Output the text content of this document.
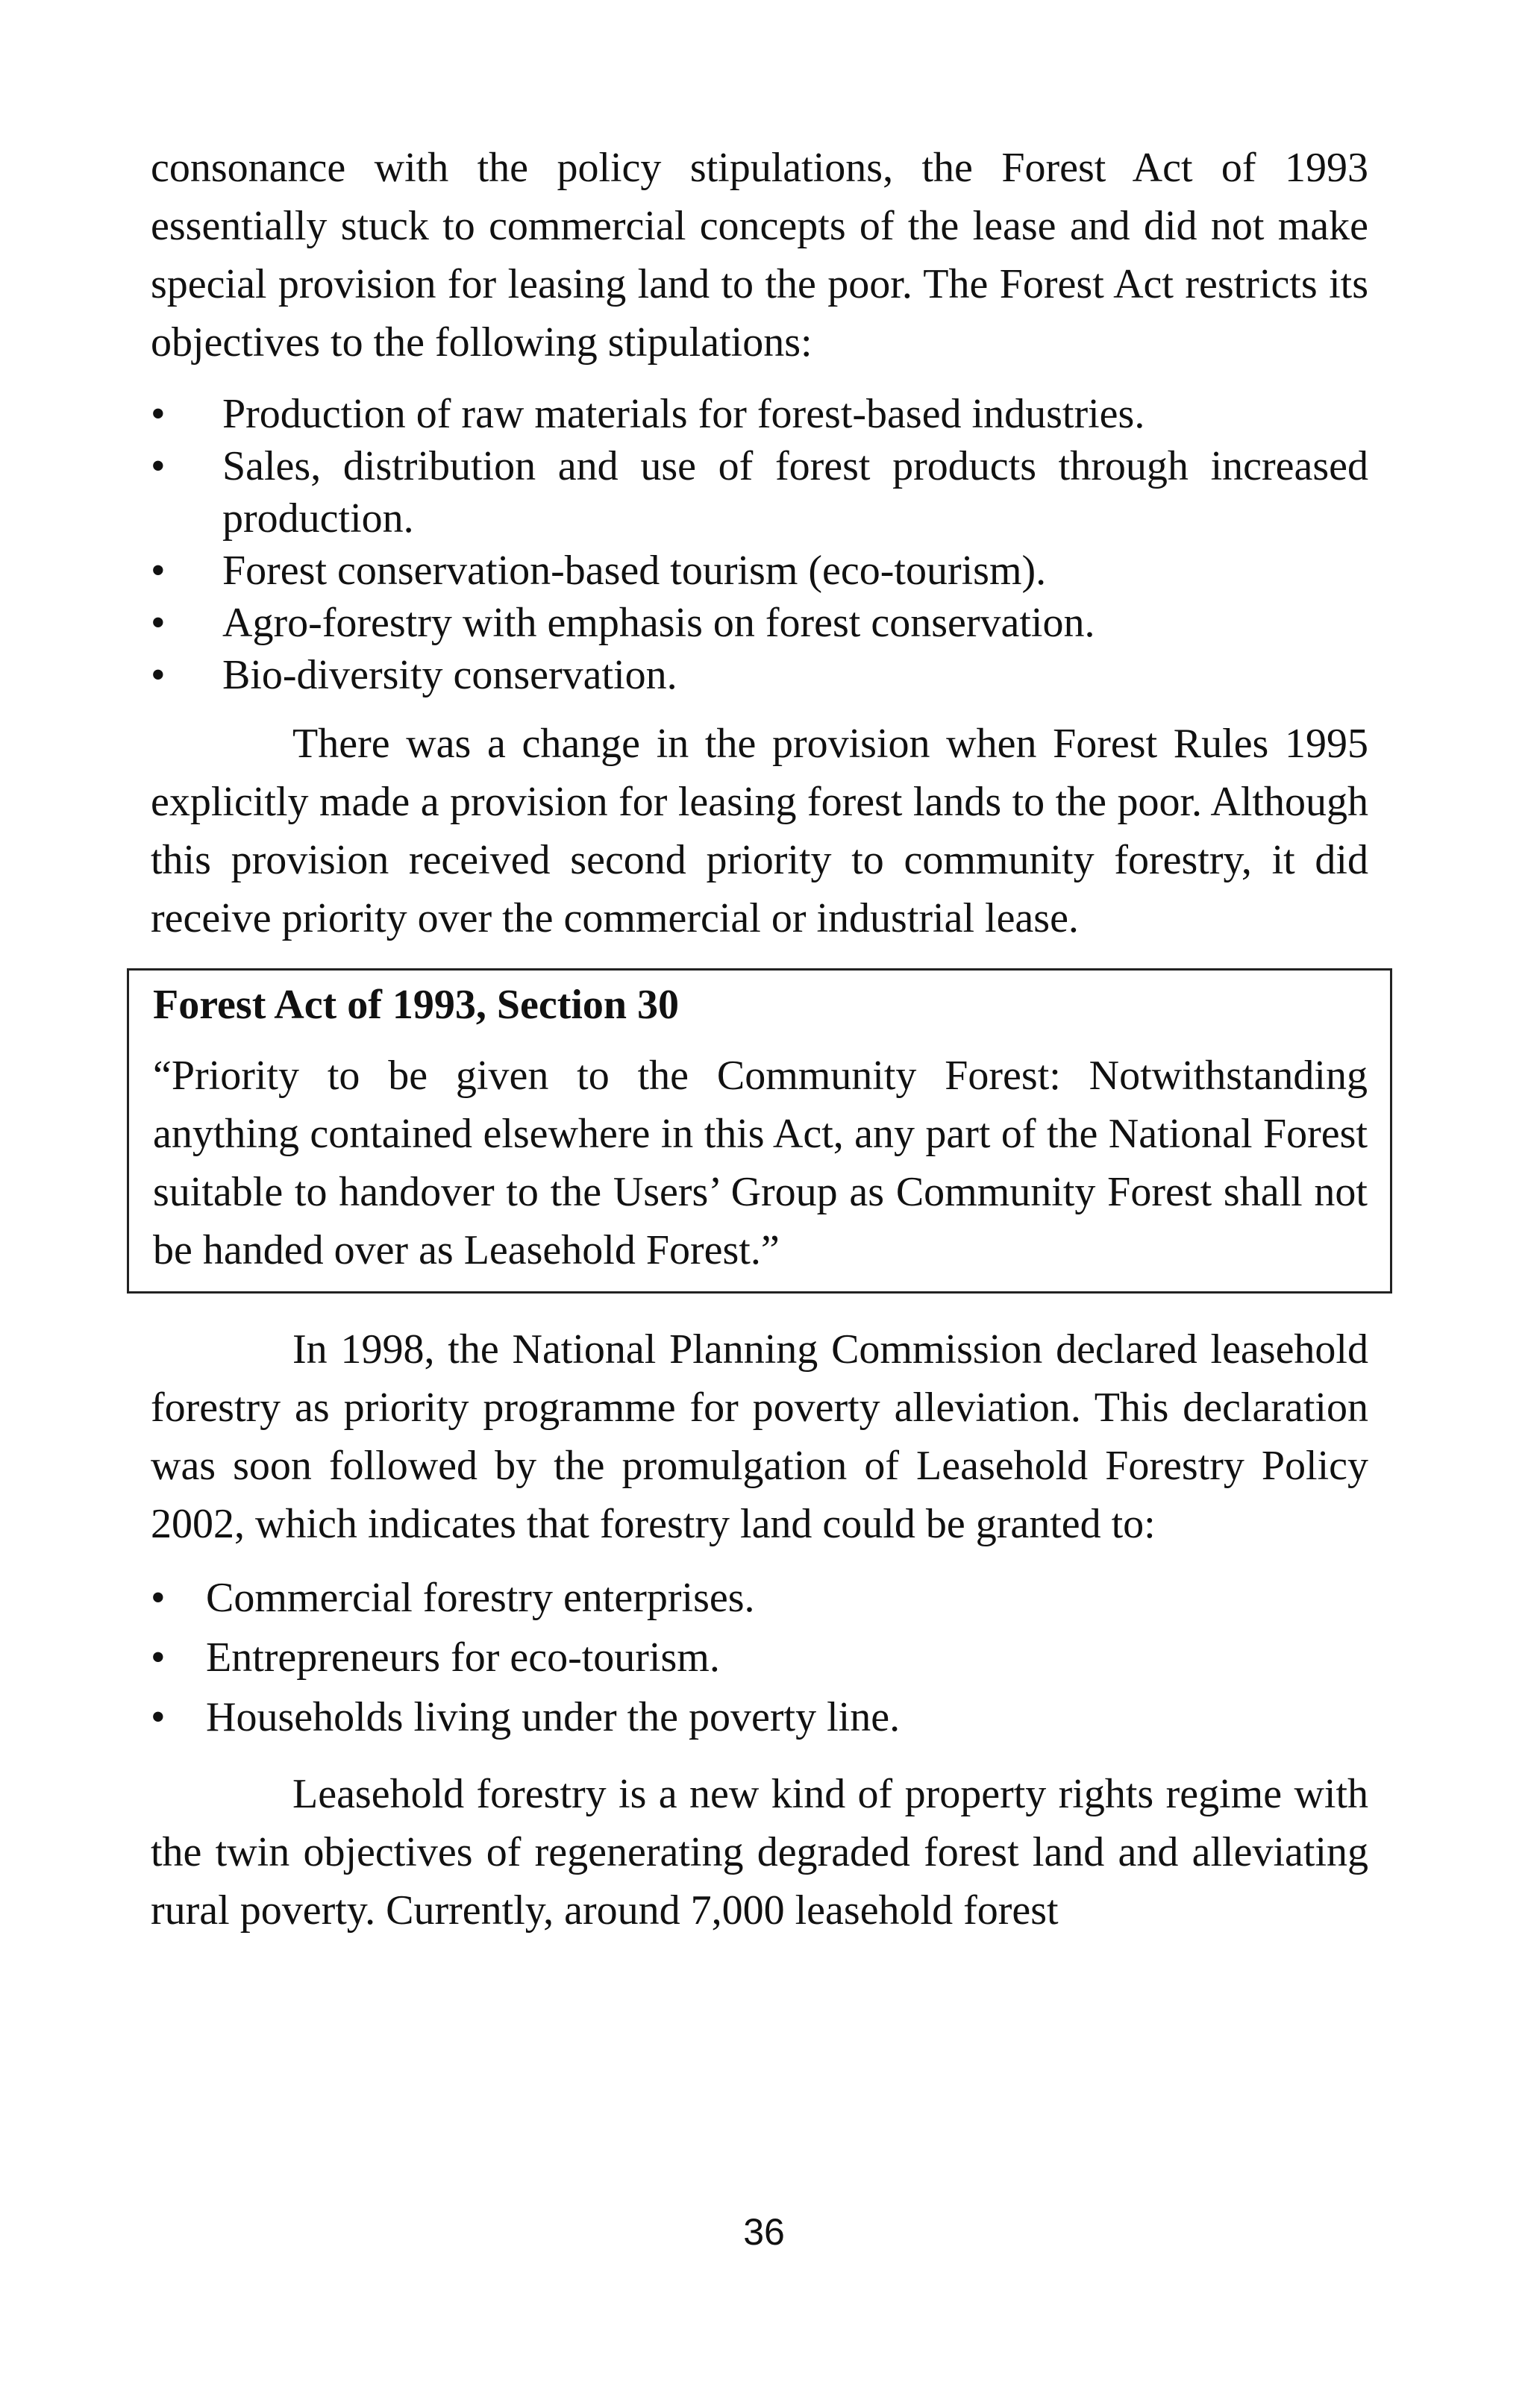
consonance with the policy stipulations, the Forest Act of 1993 essentially stuck to commercial concepts of the lease and did not make special provision for leasing land to the poor. The Forest Act restricts its objectives to the following stipulations:

• Production of raw materials for forest-based industries.
• Sales, distribution and use of forest products through increased production.
• Forest conservation-based tourism (eco-tourism).
• Agro-forestry with emphasis on forest conservation.
• Bio-diversity conservation.

There was a change in the provision when Forest Rules 1995 explicitly made a provision for leasing forest lands to the poor. Although this provision received second priority to community forestry, it did receive priority over the commercial or industrial lease.

Forest Act of 1993, Section 30

“Priority to be given to the Community Forest: Notwithstanding anything contained elsewhere in this Act, any part of the National Forest suitable to handover to the Users’ Group as Community Forest shall not be handed over as Leasehold Forest.”

In 1998, the National Planning Commission declared leasehold forestry as priority programme for poverty alleviation. This declaration was soon followed by the promulgation of Leasehold Forestry Policy 2002, which indicates that forestry land could be granted to:

• Commercial forestry enterprises.
• Entrepreneurs for eco-tourism.
• Households living under the poverty line.

Leasehold forestry is a new kind of property rights regime with the twin objectives of regenerating degraded forest land and alleviating rural poverty. Currently, around 7,000 leasehold forest

36
